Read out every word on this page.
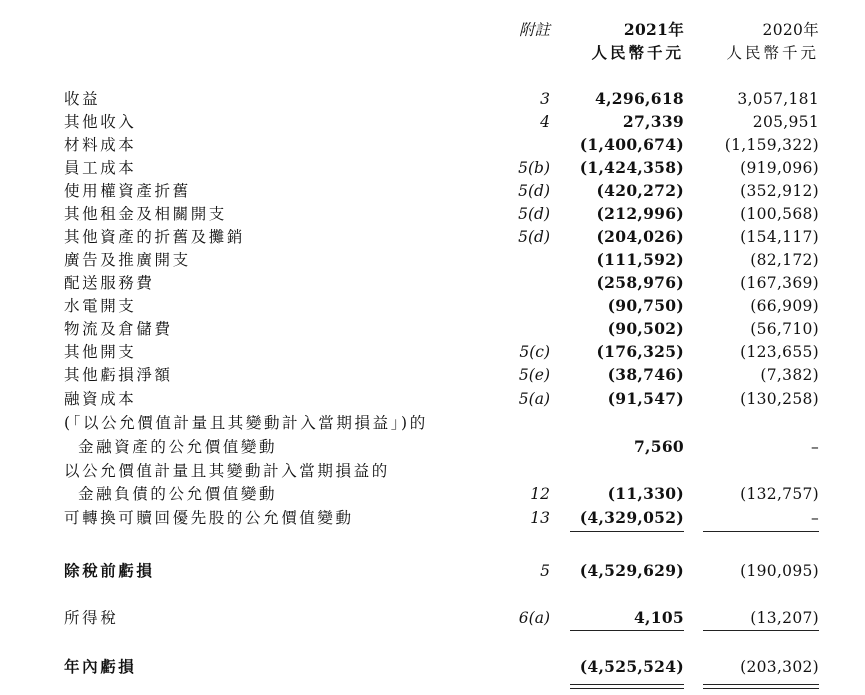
附註	2021年	2020年
人民幣千元	人民幣千元
收益	3	4,296,618	3,057,181
其他收入	4	27,339	205,951
材料成本	(1,400,674)	(1,159,322)
員工成本	5(b) (1,424,358)	(919,096)
使用權資產折舊	5(d)	(420,272)	(352,912)
其他租金及相關開支	5(d)	(212,996)	(100,568)
其他資產的折舊及攤銷	5(d)	(204,026)	(154,117)
廣告及推廣開支	(111,592)	(82,172)
配送服務費	(258,976)	(167,369)
水電開支	(90,750)	(66,909)
物流及倉儲費	(90,502)	(56,710)
其他開支	5(c)	(176,325)	(123,655)
其他虧損淨額	5(e)	(38,746)	(7,382)
融資成本	5(a)	(91,547)	(130,258)
(「以公允價值計量且其變動計入當期損益」)的
金融資產的公允價值變動	7,560	–
以公允價值計量且其變動計入當期損益的
金融負債的公允價值變動	12	(11,330)	(132,757)
可轉換可贖回優先股的公允價值變動	13 (4,329,052)	–
除稅前虧損	5 (4,529,629)	(190,095)
所得稅	6(a)	4,105	(13,207)
年內虧損	(4,525,524)	(203,302)
